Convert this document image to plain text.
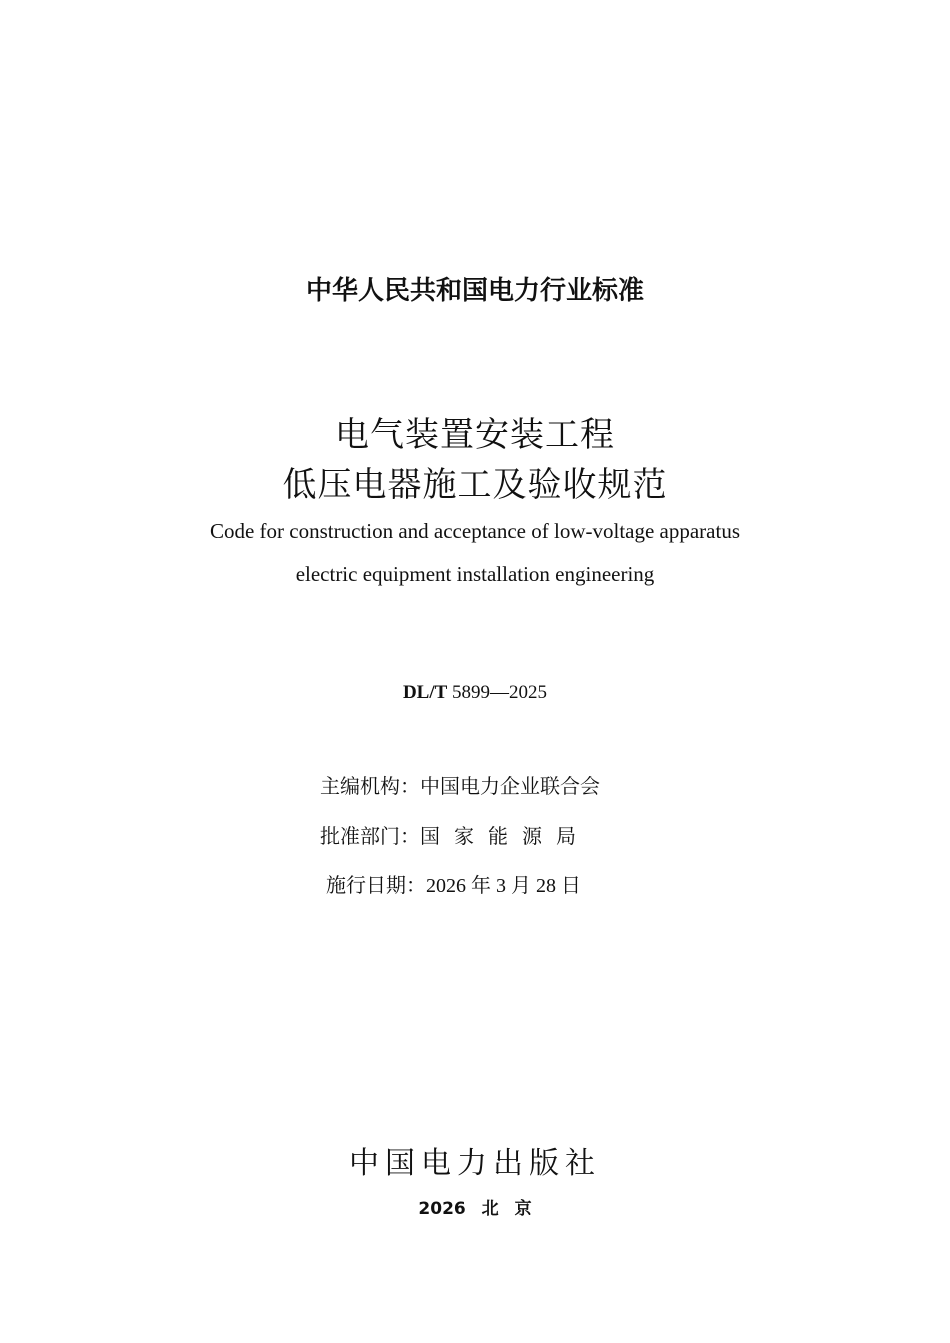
中华人民共和国电力行业标准
电气装置安装工程
低压电器施工及验收规范
Code for construction and acceptance of low-voltage apparatus
electric equipment installation engineering
DL/T 5899—2025
主编机构：中国电力企业联合会
批准部门：国家能源局
施行日期：2026 年 3 月 28 日
中国电力出版社
2026 北 京
